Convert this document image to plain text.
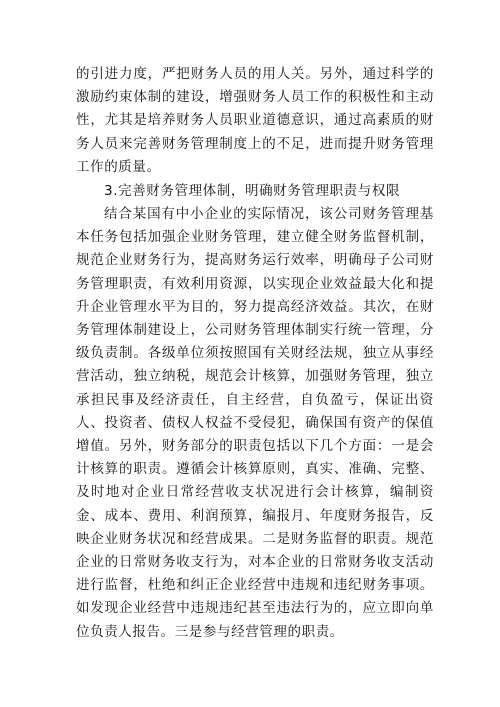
的引进力度，严把财务人员的用人关。另外，通过科学的激励约束体制的建设，增强财务人员工作的积极性和主动性，尤其是培养财务人员职业道德意识，通过高素质的财务人员来完善财务管理制度上的不足，进而提升财务管理工作的质量。

3.完善财务管理体制，明确财务管理职责与权限

结合某国有中小企业的实际情况，该公司财务管理基本任务包括加强企业财务管理，建立健全财务监督机制，规范企业财务行为，提高财务运行效率，明确母子公司财务管理职责，有效利用资源，以实现企业效益最大化和提升企业管理水平为目的，努力提高经济效益。其次，在财务管理体制建设上，公司财务管理体制实行统一管理，分级负责制。各级单位须按照国有关财经法规，独立从事经营活动，独立纳税，规范会计核算，加强财务管理，独立承担民事及经济责任，自主经营，自负盈亏，保证出资人、投资者、债权人权益不受侵犯，确保国有资产的保值增值。另外，财务部分的职责包括以下几个方面：一是会计核算的职责。遵循会计核算原则，真实、准确、完整、及时地对企业日常经营收支状况进行会计核算，编制资金、成本、费用、利润预算，编报月、年度财务报告，反映企业财务状况和经营成果。二是财务监督的职责。规范企业的日常财务收支行为，对本企业的日常财务收支活动进行监督，杜绝和纠正企业经营中违规和违纪财务事项。如发现企业经营中违规违纪甚至违法行为的，应立即向单位负责人报告。三是参与经营管理的职责。
